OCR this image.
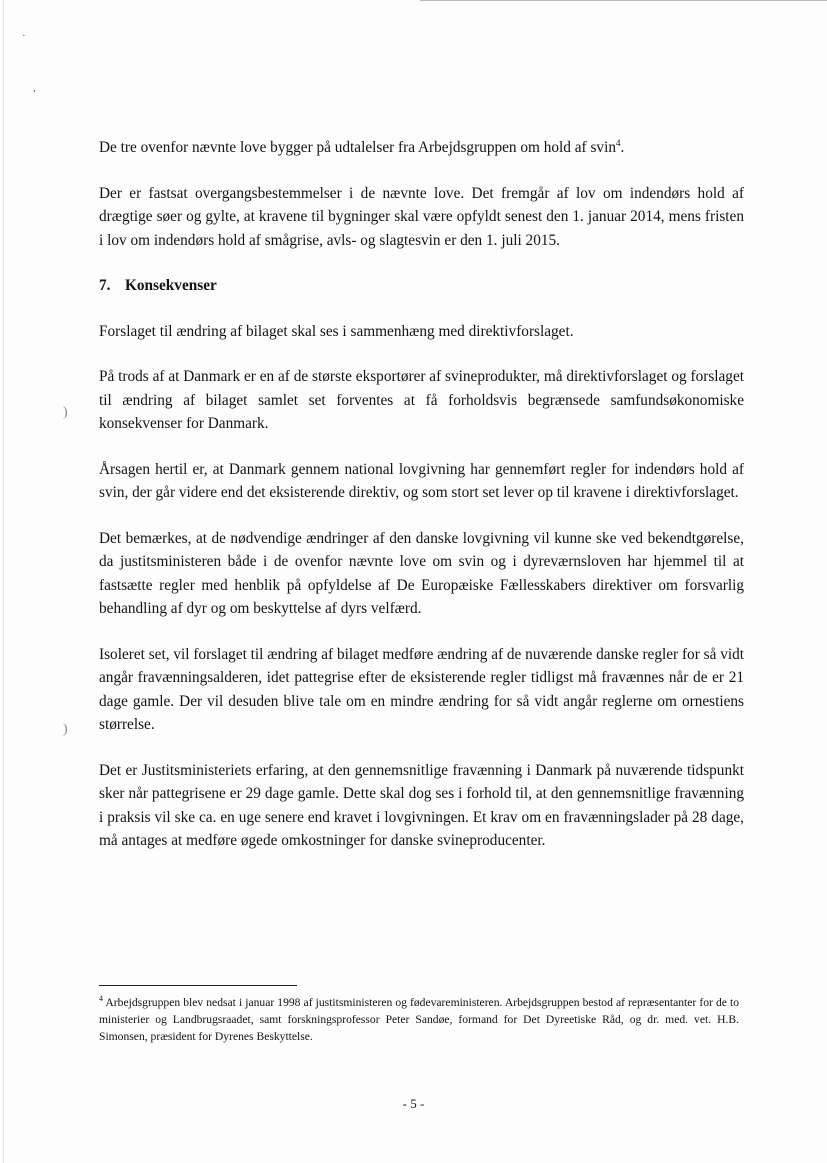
·
,
)
)

De tre ovenfor nævnte love bygger på udtalelser fra Arbejdsgruppen om hold af svin$^4$.

Der er fastsat overgangsbestemmelser i de nævnte love. Det fremgår af lov om indendørs hold af drægtige søer og gylte, at kravene til bygninger skal være opfyldt senest den 1. januar 2014, mens fristen i lov om indendørs hold af smågrise, avls- og slagtesvin er den 1. juli 2015.

7. Konsekvenser

Forslaget til ændring af bilaget skal ses i sammenhæng med direktivforslaget.

På trods af at Danmark er en af de største eksportører af svineprodukter, må direktivforslaget og forslaget til ændring af bilaget samlet set forventes at få forholdsvis begrænsede samfundsøkonomiske konsekvenser for Danmark.

Årsagen hertil er, at Danmark gennem national lovgivning har gennemført regler for indendørs hold af svin, der går videre end det eksisterende direktiv, og som stort set lever op til kravene i direktivforslaget.

Det bemærkes, at de nødvendige ændringer af den danske lovgivning vil kunne ske ved bekendtgørelse, da justitsministeren både i de ovenfor nævnte love om svin og i dyreværnsloven har hjemmel til at fastsætte regler med henblik på opfyldelse af De Europæiske Fællesskabers direktiver om forsvarlig behandling af dyr og om beskyttelse af dyrs velfærd.

Isoleret set, vil forslaget til ændring af bilaget medføre ændring af de nuværende danske regler for så vidt angår fravænningsalderen, idet pattegrise efter de eksisterende regler tidligst må fravænnes når de er 21 dage gamle. Der vil desuden blive tale om en mindre ændring for så vidt angår reglerne om ornestiens størrelse.

Det er Justitsministeriets erfaring, at den gennemsnitlige fravænning i Danmark på nuværende tidspunkt sker når pattegrisene er 29 dage gamle. Dette skal dog ses i forhold til, at den gennemsnitlige fravænning i praksis vil ske ca. en uge senere end kravet i lovgivningen. Et krav om en fravænningslader på 28 dage, må antages at medføre øgede omkostninger for danske svineproducenter.

$^4$ Arbejdsgruppen blev nedsat i januar 1998 af justitsministeren og fødevareministeren. Arbejdsgruppen bestod af repræsentanter for de to ministerier og Landbrugsraadet, samt forskningsprofessor Peter Sandøe, formand for Det Dyreetiske Råd, og dr. med. vet. H.B. Simonsen, præsident for Dyrenes Beskyttelse.
- 5 -
